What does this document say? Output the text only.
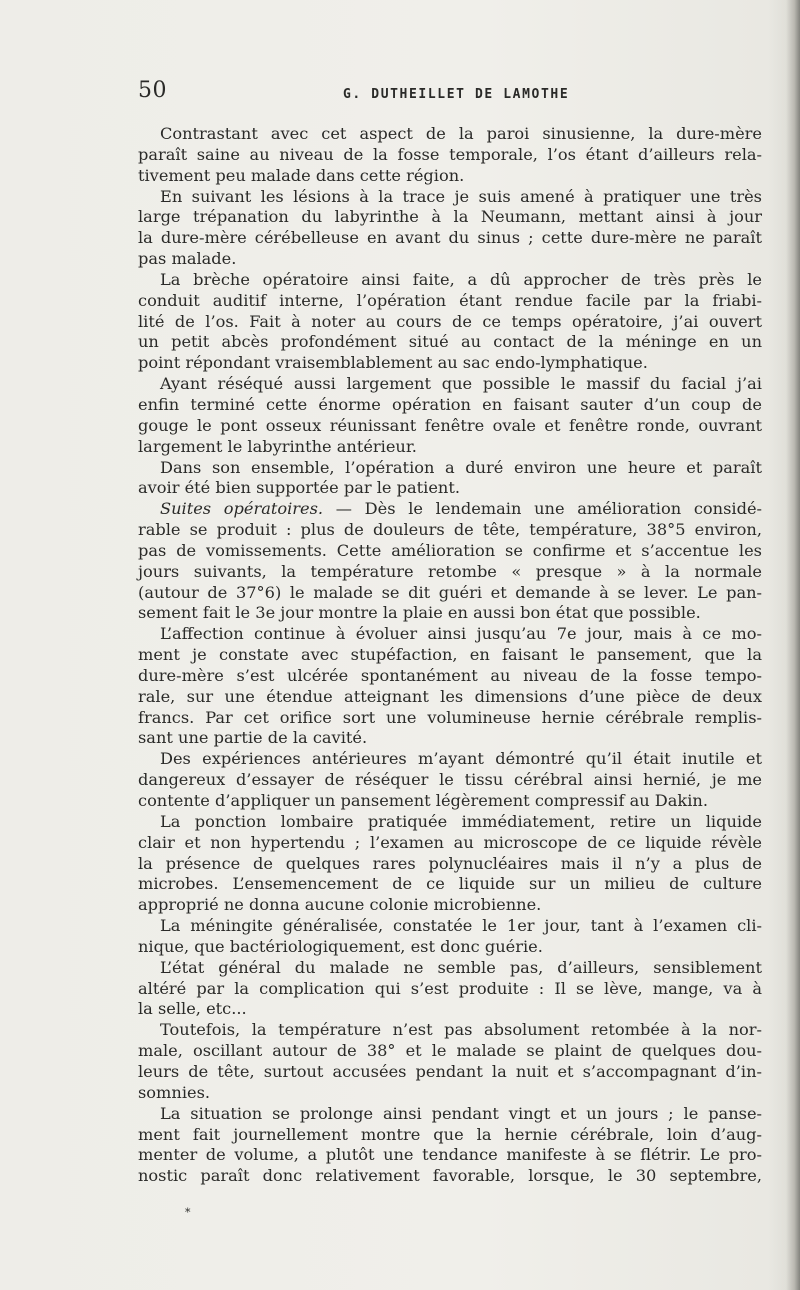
50	G. DUTHEILLET DE LAMOTHE
Contrastant avec cet aspect de la paroi sinusienne, la dure-mère
paraît saine au niveau de la fosse temporale, l’os étant d’ailleurs rela-
tivement peu malade dans cette région.
En suivant les lésions à la trace je suis amené à pratiquer une très
large trépanation du labyrinthe à la Neumann, mettant ainsi à jour
la dure-mère cérébelleuse en avant du sinus ; cette dure-mère ne paraît
pas malade.
La brèche opératoire ainsi faite, a dû approcher de très près le
conduit auditif interne, l’opération étant rendue facile par la friabi-
lité de l’os. Fait à noter au cours de ce temps opératoire, j’ai ouvert
un petit abcès profondément situé au contact de la méninge en un
point répondant vraisemblablement au sac endo-lymphatique.
Ayant réséqué aussi largement que possible le massif du facial j’ai
enfin terminé cette énorme opération en faisant sauter d’un coup de
gouge le pont osseux réunissant fenêtre ovale et fenêtre ronde, ouvrant
largement le labyrinthe antérieur.
Dans son ensemble, l’opération a duré environ une heure et paraît
avoir été bien supportée par le patient.
Suites opératoires. — Dès le lendemain une amélioration considé-
rable se produit : plus de douleurs de tête, température, 38°5 environ,
pas de vomissements. Cette amélioration se confirme et s’accentue les
jours suivants, la température retombe « presque » à la normale
(autour de 37°6) le malade se dit guéri et demande à se lever. Le pan-
sement fait le 3e jour montre la plaie en aussi bon état que possible.
L’affection continue à évoluer ainsi jusqu’au 7e jour, mais à ce mo-
ment je constate avec stupéfaction, en faisant le pansement, que la
dure-mère s’est ulcérée spontanément au niveau de la fosse tempo-
rale, sur une étendue atteignant les dimensions d’une pièce de deux
francs. Par cet orifice sort une volumineuse hernie cérébrale remplis-
sant une partie de la cavité.
Des expériences antérieures m’ayant démontré qu’il était inutile et
dangereux d’essayer de réséquer le tissu cérébral ainsi hernié, je me
contente d’appliquer un pansement légèrement compressif au Dakin.
La ponction lombaire pratiquée immédiatement, retire un liquide
clair et non hypertendu ; l’examen au microscope de ce liquide révèle
la présence de quelques rares polynucléaires mais il n’y a plus de
microbes. L’ensemencement de ce liquide sur un milieu de culture
approprié ne donna aucune colonie microbienne.
La méningite généralisée, constatée le 1er jour, tant à l’examen cli-
nique, que bactériologiquement, est donc guérie.
L’état général du malade ne semble pas, d’ailleurs, sensiblement
altéré par la complication qui s’est produite : Il se lève, mange, va à
la selle, etc...
Toutefois, la température n’est pas absolument retombée à la nor-
male, oscillant autour de 38° et le malade se plaint de quelques dou-
leurs de tête, surtout accusées pendant la nuit et s’accompagnant d’in-
somnies.
La situation se prolonge ainsi pendant vingt et un jours ; le panse-
ment fait journellement montre que la hernie cérébrale, loin d’aug-
menter de volume, a plutôt une tendance manifeste à se flétrir. Le pro-
nostic paraît donc relativement favorable, lorsque, le 30 septembre,
*
